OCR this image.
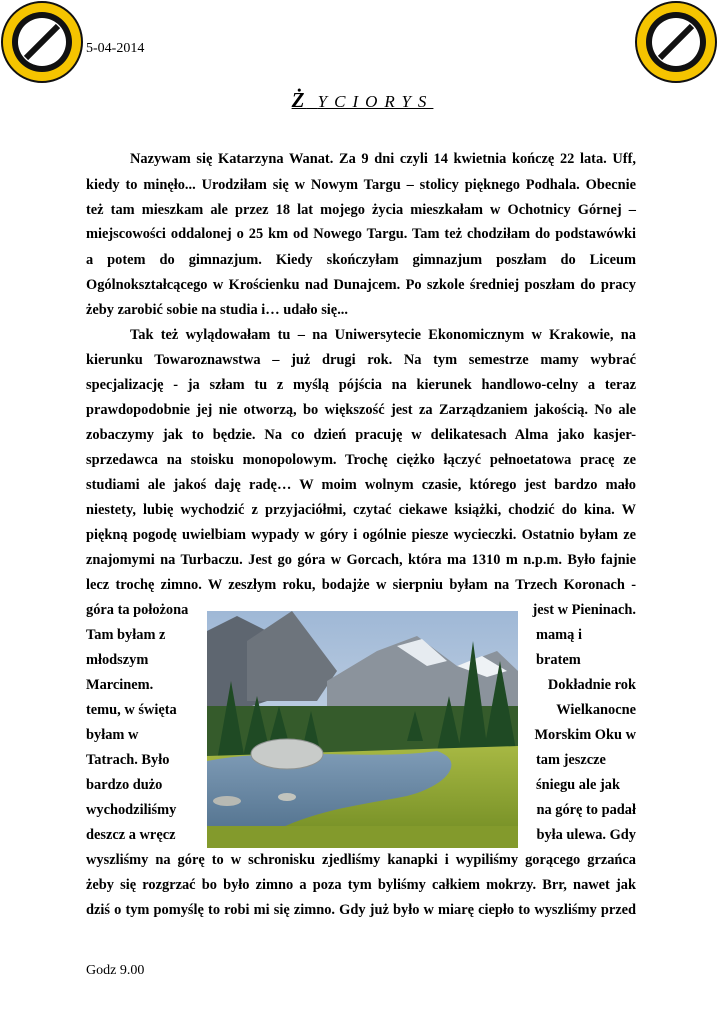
5-04-2014
Ż YCIORYS
Nazywam się Katarzyna Wanat. Za 9 dni czyli 14 kwietnia kończę 22 lata. Uff,
kiedy to minęło... Urodziłam się w Nowym Targu – stolicy pięknego Podhala. Obecnie
też tam mieszkam ale przez 18 lat mojego życia mieszkałam w Ochotnicy Górnej –
miejscowości oddalonej o 25 km od Nowego Targu. Tam też chodziłam do podstawówki
a potem do gimnazjum. Kiedy skończyłam gimnazjum poszłam do Liceum
Ogólnokształcącego w Krościenku nad Dunajcem. Po szkole średniej poszłam do pracy
żeby zarobić sobie na studia i… udało się...
Tak też wylądowałam tu – na Uniwersytecie Ekonomicznym w Krakowie, na
kierunku Towaroznawstwa – już drugi rok. Na tym semestrze mamy wybrać
specjalizację - ja szłam tu z myślą pójścia na kierunek handlowo-celny a teraz
prawdopodobnie jej nie otworzą, bo większość jest za Zarządzaniem jakością. No ale
zobaczymy jak to będzie. Na co dzień pracuję w delikatesach Alma jako kasjer-
sprzedawca na stoisku monopolowym. Trochę ciężko łączyć pełnoetatowa pracę ze
studiami ale jakoś daję radę… W moim wolnym czasie, którego jest bardzo mało
niestety, lubię wychodzić z przyjaciółmi, czytać ciekawe książki, chodzić do kina. W
piękną pogodę uwielbiam wypady w góry i ogólnie piesze wycieczki. Ostatnio byłam ze
znajomymi na Turbaczu. Jest go góra w Gorcach, która ma 1310 m n.p.m. Było fajnie
lecz trochę zimno. W zeszłym roku, bodajże w sierpniu byłam na Trzech Koronach -
góra ta położona
Tam byłam z
młodszym
Marcinem.
temu, w święta
byłam w
Tatrach. Było
bardzo dużo
wychodziliśmy
deszcz a wręcz
jest w Pieninach.
mamą i
bratem
Dokładnie rok
Wielkanocne
Morskim Oku w
tam jeszcze
śniegu ale jak
na górę to padał
była ulewa. Gdy
wyszliśmy na górę to w schronisku zjedliśmy kanapki i wypiliśmy gorącego grzańca
żeby się rozgrzać bo było zimno a poza tym byliśmy całkiem mokrzy. Brr, nawet jak
dziś o tym pomyślę to robi mi się zimno. Gdy już było w miarę ciepło to wyszliśmy przed
Godz 9.00
